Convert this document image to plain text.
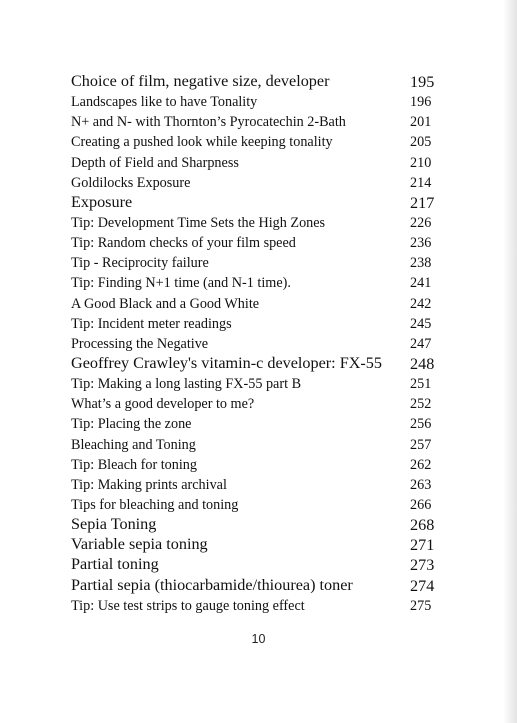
Choice of film, negative size, developer	195
Landscapes like to have Tonality	196
N+ and N- with Thornton’s Pyrocatechin 2-Bath	201
Creating a pushed look while keeping tonality	205
Depth of Field and Sharpness	210
Goldilocks Exposure	214
Exposure	217
Tip: Development Time Sets the High Zones	226
Tip: Random checks of your film speed	236
Tip - Reciprocity failure	238
Tip: Finding N+1 time (and N-1 time).	241
A Good Black and a Good White	242
Tip: Incident meter readings	245
Processing the Negative	247
Geoffrey Crawley's vitamin-c developer: FX-55 248
Tip: Making a long lasting FX-55 part B	251
What’s a good developer to me?	252
Tip: Placing the zone	256
Bleaching and Toning	257
Tip: Bleach for toning	262
Tip: Making prints archival	263
Tips for bleaching and toning	266
Sepia Toning	268
Variable sepia toning	271
Partial toning	273
Partial sepia (thiocarbamide/thiourea) toner	274
Tip: Use test strips to gauge toning effect	275
10
